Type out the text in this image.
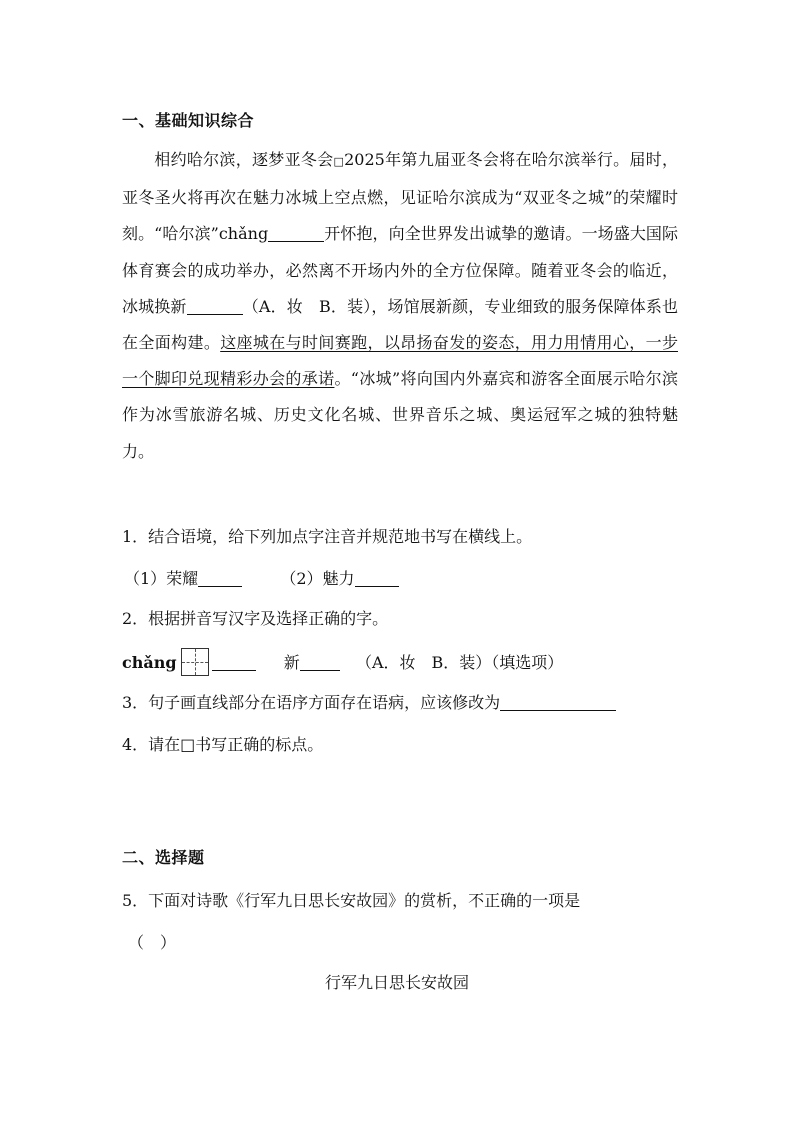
一、基础知识综合

相约哈尔滨，逐梦亚冬会□2025年第九届亚冬会将在哈尔滨举行。届时，亚冬圣火将再次在魅力冰城上空点燃，见证哈尔滨成为“双亚冬之城”的荣耀时刻。“哈尔滨”chǎng	开怀抱，向全世界发出诚挚的邀请。一场盛大国际体育赛会的成功举办，必然离不开场内外的全方位保障。随着亚冬会的临近，冰城换新	（A．妆　B．装），场馆展新颜，专业细致的服务保障体系也在全面构建。这座城在与时间赛跑，以昂扬奋发的姿态，用力用情用心，一步一个脚印兑现精彩办会的承诺。“冰城”将向国内外嘉宾和游客全面展示哈尔滨作为冰雪旅游名城、历史文化名城、世界音乐之城、奥运冠军之城的独特魅力。

1．结合语境，给下列加点字注音并规范地书写在横线上。
（1）荣耀	（2）魅力
2．根据拼音写汉字及选择正确的字。
chǎng	新	（A．妆　B．装）（填选项）
3．句子画直线部分在语序方面存在语病，应该修改为
4．请在□书写正确的标点。
二、选择题
5．下面对诗歌《行军九日思长安故园》的赏析，不正确的一项是
（　）
行军九日思长安故园
